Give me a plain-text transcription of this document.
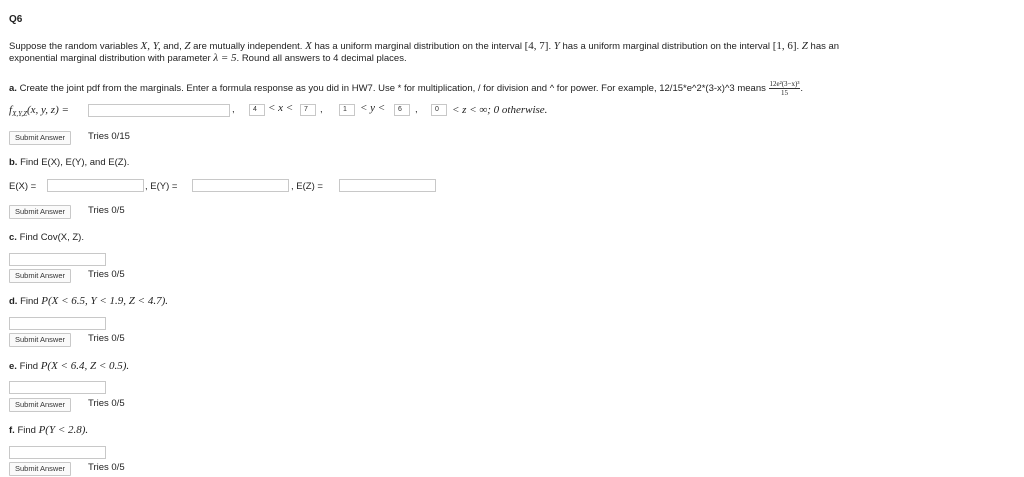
Q6
Suppose the random variables X, Y, and, Z are mutually independent. X has a uniform marginal distribution on the interval [4, 7]. Y has a uniform marginal distribution on the interval [1, 6]. Z has an
exponential marginal distribution with parameter λ = 5. Round all answers to 4 decimal places.
a. Create the joint pdf from the marginals. Enter a formula response as you did in HW7. Use * for multiplication, / for division and ^ for power. For example, 12/15*e^2*(3-x)^3 means $\frac{\text{12e²(3−x)³}}{15}$ .
$f_{X,Y,Z}(x$, y, z) =	,	4	< x <	7	,	1	< y <	6	,	0	< z < ∞; 0 otherwise.
Submit Answer	Tries 0/15
b. Find E(X), E(Y), and E(Z).
E(X) =	, E(Y) =	, E(Z) =
Submit Answer	Tries 0/5
c. Find Cov(X, Z).
Submit Answer	Tries 0/5
d. Find P(X < 6.5, Y < 1.9, Z < 4.7).
Submit Answer	Tries 0/5
e. Find P(X < 6.4, Z < 0.5).
Submit Answer	Tries 0/5
f. Find P(Y < 2.8).
Submit Answer	Tries 0/5
